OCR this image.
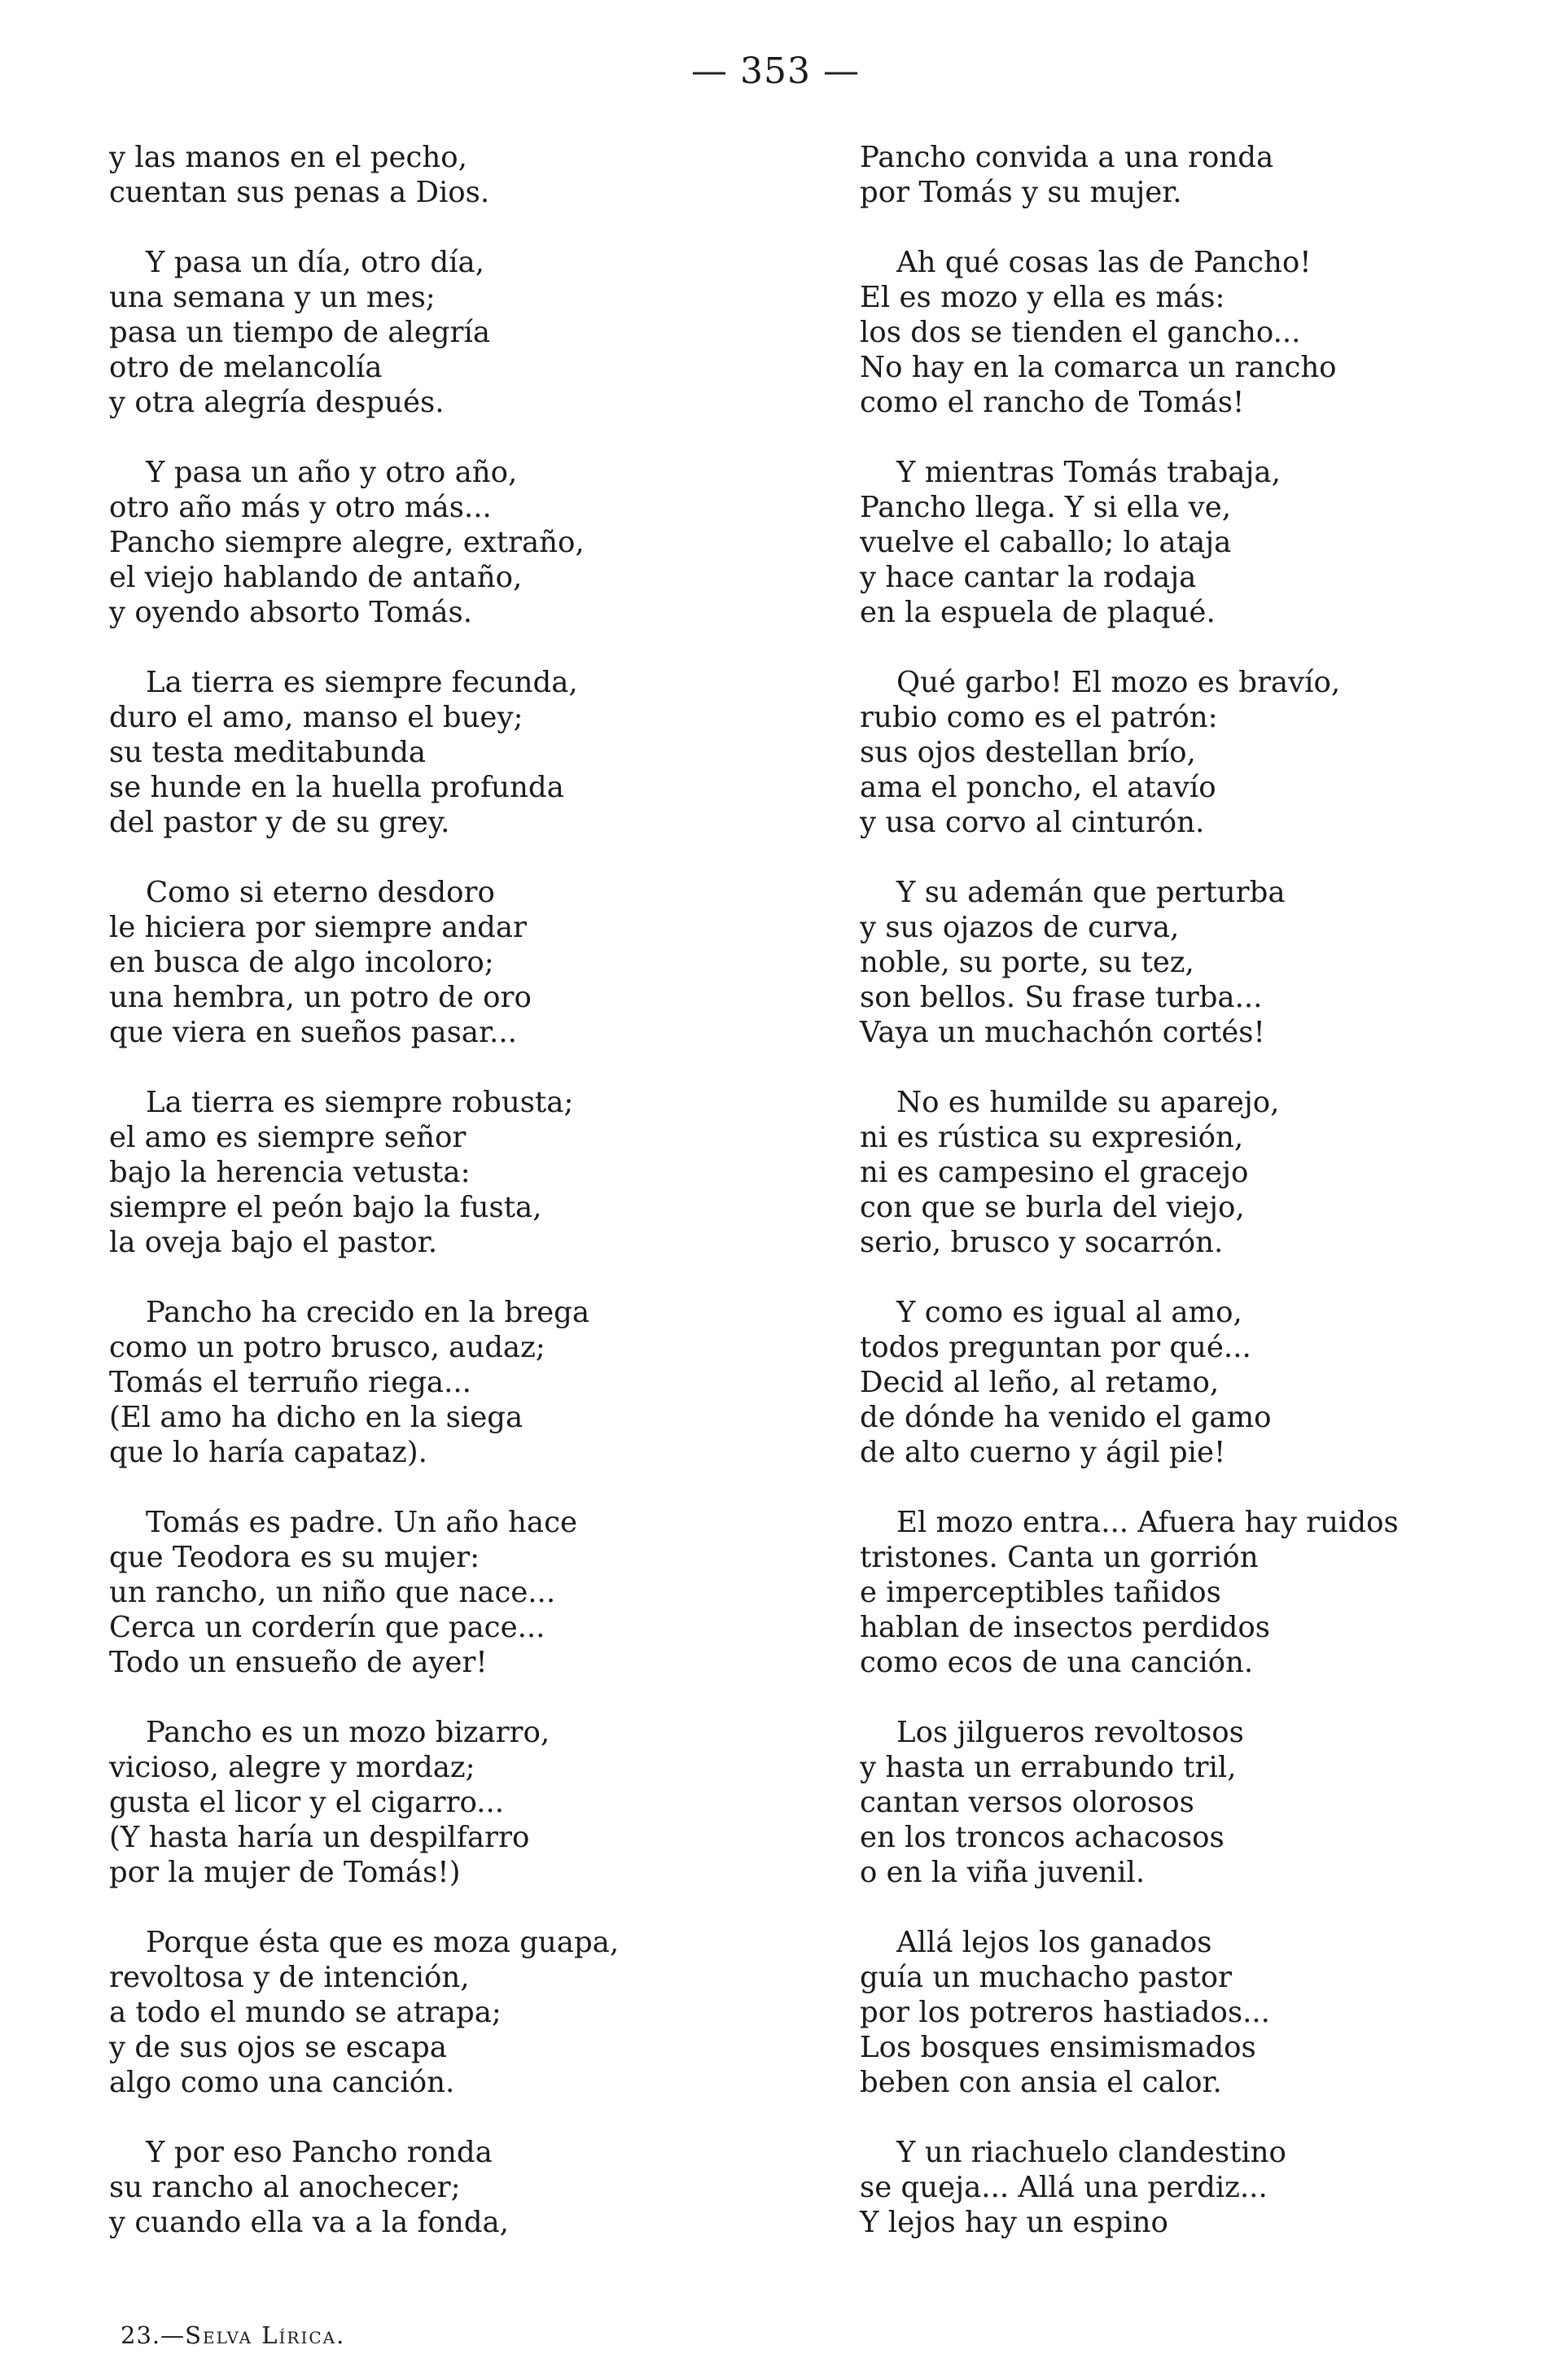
— 353 —
y las manos en el pecho,
cuentan sus penas a Dios.
Y pasa un día, otro día,
una semana y un mes;
pasa un tiempo de alegría
otro de melancolía
y otra alegría después.
Y pasa un año y otro año,
otro año más y otro más...
Pancho siempre alegre, extraño,
el viejo hablando de antaño,
y oyendo absorto Tomás.
La tierra es siempre fecunda,
duro el amo, manso el buey;
su testa meditabunda
se hunde en la huella profunda
del pastor y de su grey.
Como si eterno desdoro
le hiciera por siempre andar
en busca de algo incoloro;
una hembra, un potro de oro
que viera en sueños pasar...
La tierra es siempre robusta;
el amo es siempre señor
bajo la herencia vetusta:
siempre el peón bajo la fusta,
la oveja bajo el pastor.
Pancho ha crecido en la brega
como un potro brusco, audaz;
Tomás el terruño riega...
(El amo ha dicho en la siega
que lo haría capataz).
Tomás es padre. Un año hace
que Teodora es su mujer:
un rancho, un niño que nace...
Cerca un corderín que pace...
Todo un ensueño de ayer!
Pancho es un mozo bizarro,
vicioso, alegre y mordaz;
gusta el licor y el cigarro...
(Y hasta haría un despilfarro
por la mujer de Tomás!)
Porque ésta que es moza guapa,
revoltosa y de intención,
a todo el mundo se atrapa;
y de sus ojos se escapa
algo como una canción.
Y por eso Pancho ronda
su rancho al anochecer;
y cuando ella va a la fonda,
Pancho convida a una ronda
por Tomás y su mujer.
Ah qué cosas las de Pancho!
El es mozo y ella es más:
los dos se tienden el gancho...
No hay en la comarca un rancho
como el rancho de Tomás!
Y mientras Tomás trabaja,
Pancho llega. Y si ella ve,
vuelve el caballo; lo ataja
y hace cantar la rodaja
en la espuela de plaqué.
Qué garbo! El mozo es bravío,
rubio como es el patrón:
sus ojos destellan brío,
ama el poncho, el atavío
y usa corvo al cinturón.
Y su ademán que perturba
y sus ojazos de curva,
noble, su porte, su tez,
son bellos. Su frase turba...
Vaya un muchachón cortés!
No es humilde su aparejo,
ni es rústica su expresión,
ni es campesino el gracejo
con que se burla del viejo,
serio, brusco y socarrón.
Y como es igual al amo,
todos preguntan por qué...
Decid al leño, al retamo,
de dónde ha venido el gamo
de alto cuerno y ágil pie!
El mozo entra... Afuera hay ruidos
tristones. Canta un gorrión
e imperceptibles tañidos
hablan de insectos perdidos
como ecos de una canción.
Los jilgueros revoltosos
y hasta un errabundo tril,
cantan versos olorosos
en los troncos achacosos
o en la viña juvenil.
Allá lejos los ganados
guía un muchacho pastor
por los potreros hastiados...
Los bosques ensimismados
beben con ansia el calor.
Y un riachuelo clandestino
se queja... Allá una perdiz...
Y lejos hay un espino
23.—Selva Lírica.
